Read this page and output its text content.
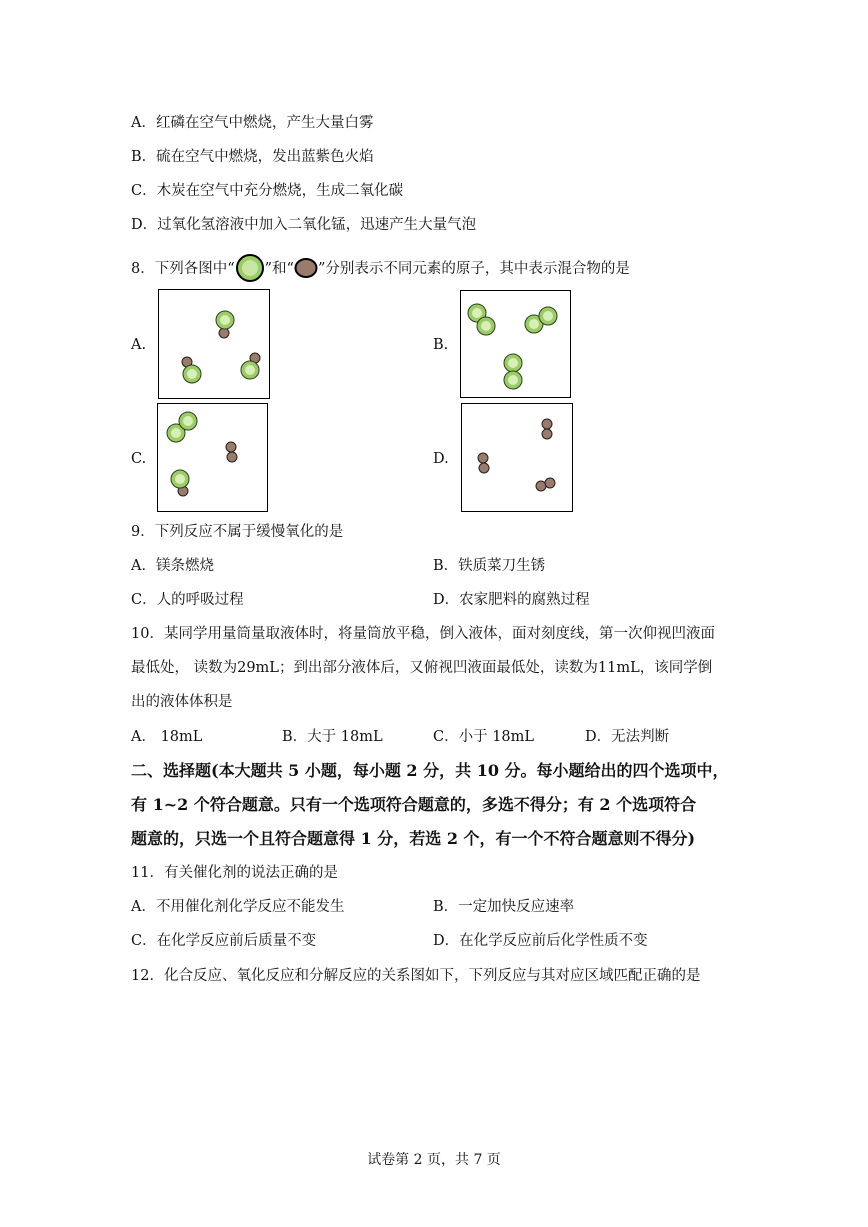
A．红磷在空气中燃烧，产生大量白雾
B．硫在空气中燃烧，发出蓝紫色火焰
C．木炭在空气中充分燃烧，生成二氧化碳
D．过氧化氢溶液中加入二氧化锰，迅速产生大量气泡
8．下列各图中“ ”和“ ”分别表示不同元素的原子，其中表示混合物的是
A.	B.
C.	D.
9．下列反应不属于缓慢氧化的是
A．镁条燃烧	B．铁质菜刀生锈
C．人的呼吸过程	D．农家肥料的腐熟过程
10．某同学用量筒量取液体时，将量筒放平稳，倒入液体，面对刻度线，第一次仰视凹液面
最低处， 读数为29mL；到出部分液体后，又俯视凹液面最低处，读数为11mL，该同学倒
出的液体体积是
A． 18mL	B．大于 18mL	C．小于 18mL	D．无法判断
二、选择题(本大题共 5 小题，每小题 2 分，共 10 分。每小题给出的四个选项中，
有 1~2 个符合题意。只有一个选项符合题意的，多选不得分；有 2 个选项符合
题意的，只选一个且符合题意得 1 分，若选 2 个，有一个不符合题意则不得分)
11．有关催化剂的说法正确的是
A．不用催化剂化学反应不能发生	B．一定加快反应速率
C．在化学反应前后质量不变	D．在化学反应前后化学性质不变
12．化合反应、氧化反应和分解反应的关系图如下，下列反应与其对应区域匹配正确的是
试卷第 2 页，共 7 页
